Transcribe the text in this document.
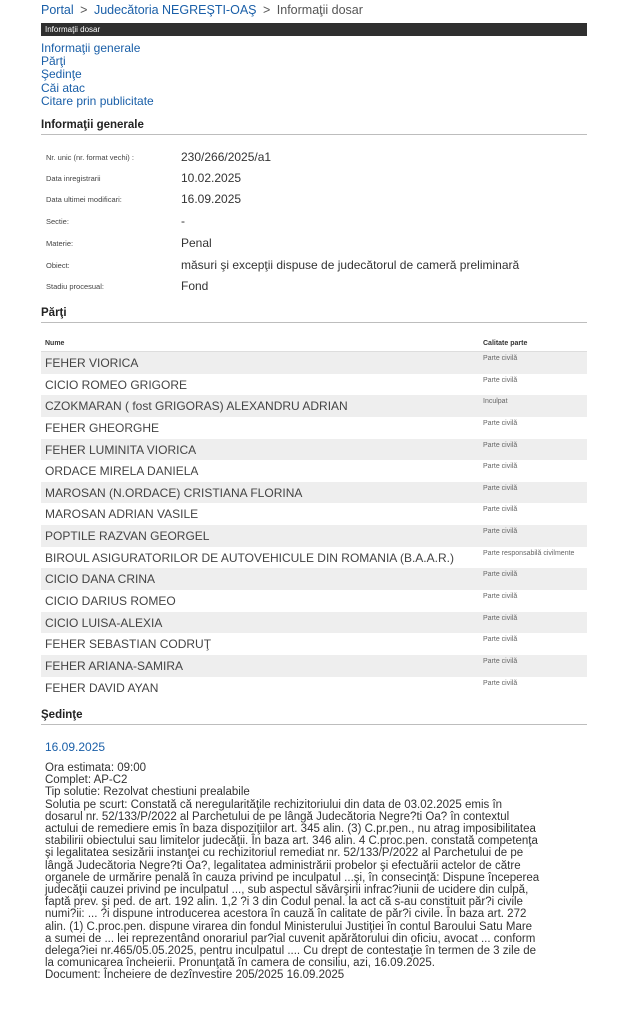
Portal > Judecătoria NEGREŞTI-OAŞ > Informaţii dosar
Informaţii dosar
Informaţii generale
Părţi
Şedinţe
Căi atac
Citare prin publicitate
Informaţii generale
Nr. unic (nr. format vechi) :	230/266/2025/a1
Data inregistrarii	10.02.2025
Data ultimei modificari:	16.09.2025
Sectie:	-
Materie:	Penal
Obiect:	măsuri şi excepţii dispuse de judecătorul de cameră preliminară
Stadiu procesual:	Fond
Părţi
Nume	Calitate parte
FEHER VIORICA	Parte civilă
CICIO ROMEO GRIGORE	Parte civilă
CZOKMARAN ( fost GRIGORAS) ALEXANDRU ADRIAN	Inculpat
FEHER GHEORGHE	Parte civilă
FEHER LUMINITA VIORICA	Parte civilă
ORDACE MIRELA DANIELA	Parte civilă
MAROSAN (N.ORDACE) CRISTIANA FLORINA	Parte civilă
MAROSAN ADRIAN VASILE	Parte civilă
POPTILE RAZVAN GEORGEL	Parte civilă
BIROUL ASIGURATORILOR DE AUTOVEHICULE DIN ROMANIA (B.A.A.R.)	Parte responsabilă civilmente
CICIO DANA CRINA	Parte civilă
CICIO DARIUS ROMEO	Parte civilă
CICIO LUISA-ALEXIA	Parte civilă
FEHER SEBASTIAN CODRUŢ	Parte civilă
FEHER ARIANA-SAMIRA	Parte civilă
FEHER DAVID AYAN	Parte civilă
Şedinţe
16.09.2025
Ora estimata: 09:00
Complet: AP-C2
Tip solutie: Rezolvat chestiuni prealabile
Solutia pe scurt: Constată că neregularităţile rechizitoriului din data de 03.02.2025 emis în
dosarul nr. 52/133/P/2022 al Parchetului de pe lângă Judecătoria Negre?ti Oa? în contextul
actului de remediere emis în baza dispoziţiilor art. 345 alin. (3) C.pr.pen., nu atrag imposibilitatea
stabilirii obiectului sau limitelor judecăţii. În baza art. 346 alin. 4 C.proc.pen. constată competenţa
şi legalitatea sesizării instanţei cu rechizitoriul remediat nr. 52/133/P/2022 al Parchetului de pe
lângă Judecătoria Negre?ti Oa?, legalitatea administrării probelor şi efectuării actelor de către
organele de urmărire penală în cauza privind pe inculpatul ...şi, în consecinţă: Dispune începerea
judecăţii cauzei privind pe inculpatul ..., sub aspectul săvârşirii infrac?iunii de ucidere din culpă,
faptă prev. şi ped. de art. 192 alin. 1,2 ?i 3 din Codul penal. la act că s-au constituit păr?i civile
numi?ii: ... ?i dispune introducerea acestora în cauză în calitate de păr?i civile. În baza art. 272
alin. (1) C.proc.pen. dispune virarea din fondul Ministerului Justiţiei în contul Baroului Satu Mare
a sumei de ... lei reprezentând onorariul par?ial cuvenit apărătorului din oficiu, avocat ... conform
delega?iei nr.465/05.05.2025, pentru inculpatul .... Cu drept de contestaţie în termen de 3 zile de
la comunicarea încheierii. Pronunţată în camera de consiliu, azi, 16.09.2025.
Document: Încheiere de dezînvestire 205/2025 16.09.2025
